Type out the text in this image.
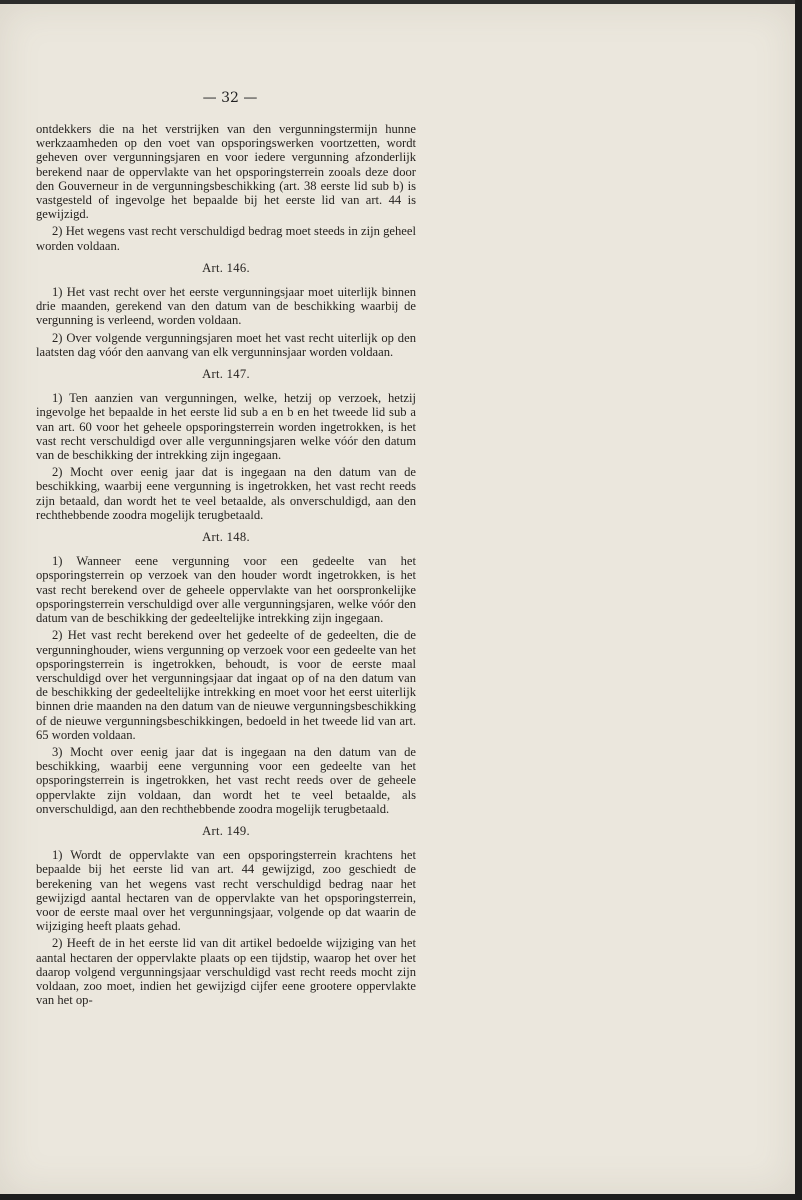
— 32 —

ontdekkers die na het verstrijken van den vergunningstermijn hunne werkzaamheden op den voet van opsporingswerken voortzetten, wordt geheven over vergunningsjaren en voor iedere vergunning afzonderlijk berekend naar de oppervlakte van het opsporingsterrein zooals deze door den Gouverneur in de vergunningsbeschikking (art. 38 eerste lid sub b) is vastgesteld of ingevolge het bepaalde bij het eerste lid van art. 44 is gewijzigd.

2) Het wegens vast recht verschuldigd bedrag moet steeds in zijn geheel worden voldaan.

Art. 146.

1) Het vast recht over het eerste vergunningsjaar moet uiterlijk binnen drie maanden, gerekend van den datum van de beschikking waarbij de vergunning is verleend, worden voldaan.

2) Over volgende vergunningsjaren moet het vast recht uiterlijk op den laatsten dag vóór den aanvang van elk vergunninsjaar worden voldaan.

Art. 147.

1) Ten aanzien van vergunningen, welke, hetzij op verzoek, hetzij ingevolge het bepaalde in het eerste lid sub a en b en het tweede lid sub a van art. 60 voor het geheele opsporingsterrein worden ingetrokken, is het vast recht verschuldigd over alle vergunningsjaren welke vóór den datum van de beschikking der intrekking zijn ingegaan.

2) Mocht over eenig jaar dat is ingegaan na den datum van de beschikking, waarbij eene vergunning is ingetrokken, het vast recht reeds zijn betaald, dan wordt het te veel betaalde, als onverschuldigd, aan den rechthebbende zoodra mogelijk terugbetaald.

Art. 148.

1) Wanneer eene vergunning voor een gedeelte van het opsporingsterrein op verzoek van den houder wordt ingetrokken, is het vast recht berekend over de geheele oppervlakte van het oorspronkelijke opsporingsterrein verschuldigd over alle vergunningsjaren, welke vóór den datum van de beschikking der gedeeltelijke intrekking zijn ingegaan.

2) Het vast recht berekend over het gedeelte of de gedeelten, die de vergunninghouder, wiens vergunning op verzoek voor een gedeelte van het opsporingsterrein is ingetrokken, behoudt, is voor de eerste maal verschuldigd over het vergunningsjaar dat ingaat op of na den datum van de beschikking der gedeeltelijke intrekking en moet voor het eerst uiterlijk binnen drie maanden na den datum van de nieuwe vergunningsbeschikking of de nieuwe vergunningsbeschikkingen, bedoeld in het tweede lid van art. 65 worden voldaan.

3) Mocht over eenig jaar dat is ingegaan na den datum van de beschikking, waarbij eene vergunning voor een gedeelte van het opsporingsterrein is ingetrokken, het vast recht reeds over de geheele oppervlakte zijn voldaan, dan wordt het te veel betaalde, als onverschuldigd, aan den rechthebbende zoodra mogelijk terugbetaald.

Art. 149.

1) Wordt de oppervlakte van een opsporingsterrein krachtens het bepaalde bij het eerste lid van art. 44 gewijzigd, zoo geschiedt de berekening van het wegens vast recht verschuldigd bedrag naar het gewijzigd aantal hectaren van de oppervlakte van het opsporingsterrein, voor de eerste maal over het vergunningsjaar, volgende op dat waarin de wijziging heeft plaats gehad.

2) Heeft de in het eerste lid van dit artikel bedoelde wijziging van het aantal hectaren der oppervlakte plaats op een tijdstip, waarop het over het daarop volgend vergunningsjaar verschuldigd vast recht reeds mocht zijn voldaan, zoo moet, indien het gewijzigd cijfer eene grootere oppervlakte van het op-
